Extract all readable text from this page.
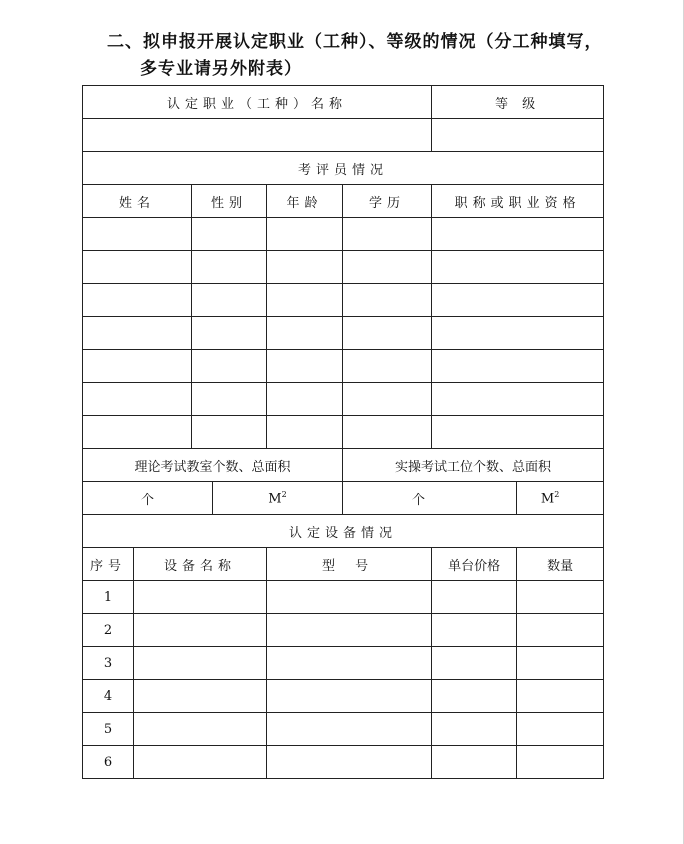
二、拟申报开展认定职业（工种）、等级的情况（分工种填写，
多专业请另外附表）
认定职业（工种）名称						等 级	

考评员情况							
姓名		性别		年龄	学历	职称或职业资格	

理论考试教室个数、总面积					实操考试工位个数、总面积		
个			$M^2$		个		$M^2$
认定设备情况							
序号	设备名称			型 号		单台价格	数量
1							
2							
3							
4							
5							
6							
